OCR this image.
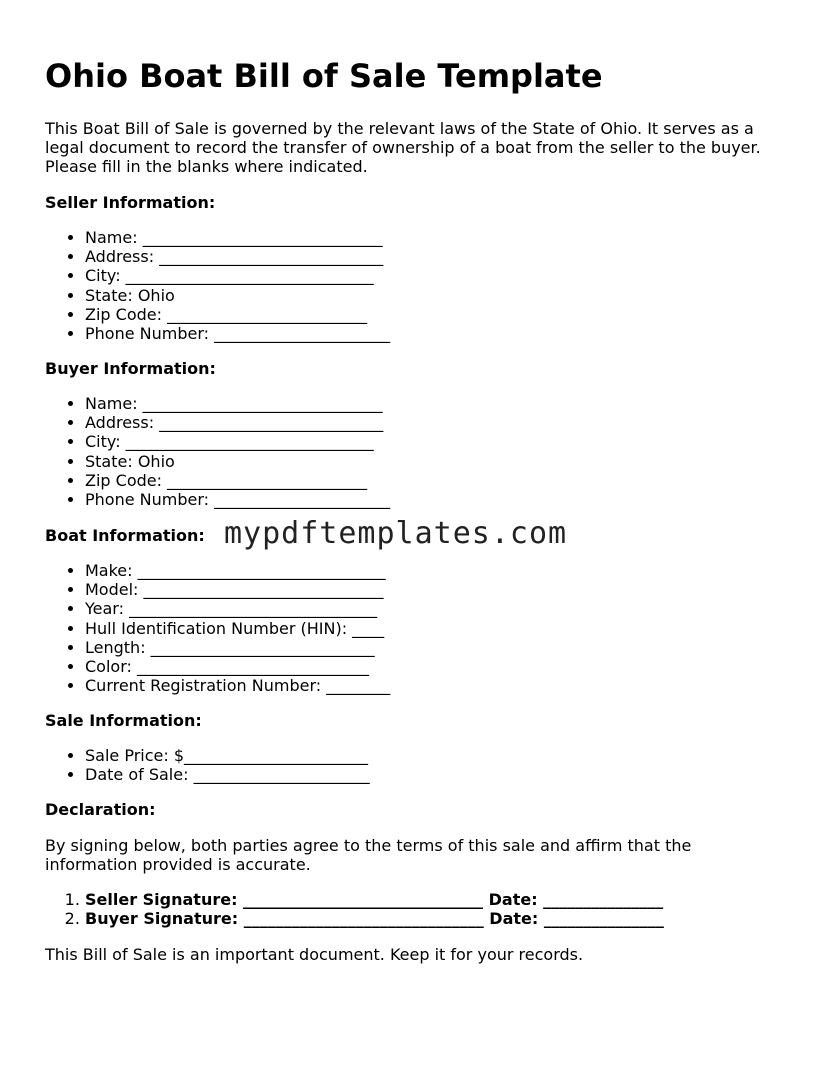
Ohio Boat Bill of Sale Template

This Boat Bill of Sale is governed by the relevant laws of the State of Ohio. It serves as a legal document to record the transfer of ownership of a boat from the seller to the buyer. Please fill in the blanks where indicated.

Seller Information:

• Name: ______________________________
• Address: ____________________________
• City: _______________________________
• State: Ohio
• Zip Code: _________________________
• Phone Number: ______________________

Buyer Information:

• Name: ______________________________
• Address: ____________________________
• City: _______________________________
• State: Ohio
• Zip Code: _________________________
• Phone Number: ______________________

Boat Information:

• Make: _______________________________
• Model: ______________________________
• Year: _______________________________
• Hull Identification Number (HIN): ____
• Length: ____________________________
• Color: _____________________________
• Current Registration Number: ________

Sale Information:

• Sale Price: $_______________________
• Date of Sale: ______________________

Declaration:

By signing below, both parties agree to the terms of this sale and affirm that the information provided is accurate.

1. Seller Signature: ______________________________ Date: _______________
2. Buyer Signature: ______________________________ Date: _______________

This Bill of Sale is an important document. Keep it for your records.

mypdftemplates.com
